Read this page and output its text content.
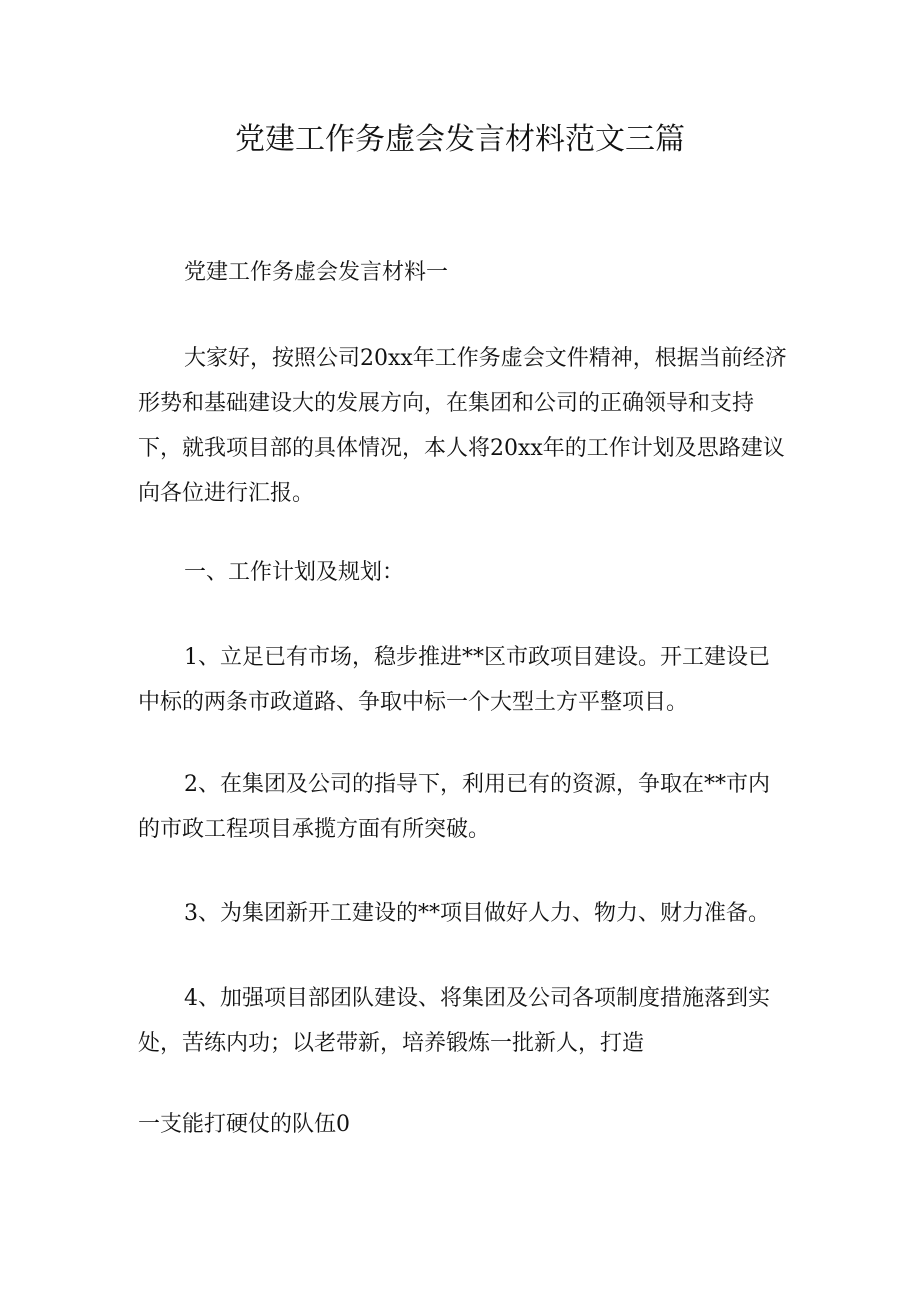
党建工作务虚会发言材料范文三篇

党建工作务虚会发言材料一

大家好，按照公司20xx年工作务虚会文件精神，根据当前经济形势和基础建设大的发展方向，在集团和公司的正确领导和支持下，就我项目部的具体情况，本人将20xx年的工作计划及思路建议向各位进行汇报。

一、工作计划及规划：

1、立足已有市场，稳步推进**区市政项目建设。开工建设已中标的两条市政道路、争取中标一个大型土方平整项目。

2、在集团及公司的指导下，利用已有的资源，争取在**市内的市政工程项目承揽方面有所突破。

3、为集团新开工建设的**项目做好人力、物力、财力准备。

4、加强项目部团队建设、将集团及公司各项制度措施落到实处，苦练内功；以老带新，培养锻炼一批新人，打造

一支能打硬仗的队伍0
